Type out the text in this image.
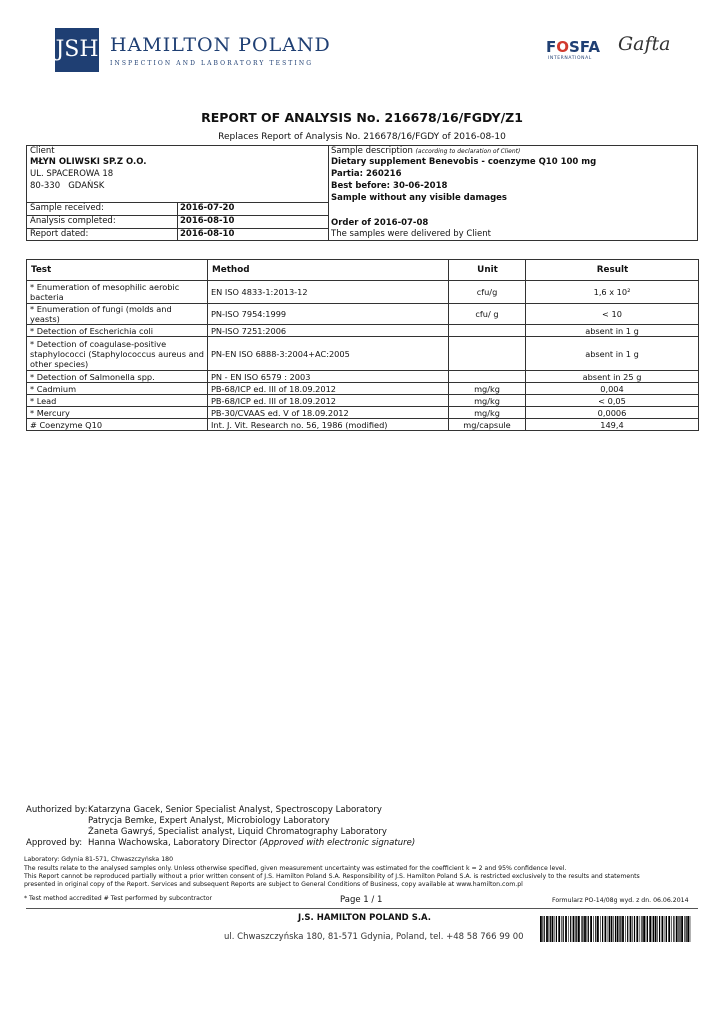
JSH HAMILTON POLAND
INSPECTION AND LABORATORY TESTING
FOSFA
INTERNATIONAL
Gafta
REPORT OF ANALYSIS No. 216678/16/FGDY/Z1
Replaces Report of Analysis No. 216678/16/FGDY of 2016-08-10
Client
MŁYN OLIWSKI SP.Z O.O.
UL. SPACEROWA 18
80-330   GDAŃSK
Sample received:	2016-07-20
Analysis completed:	2016-08-10
Report dated:	2016-08-10
Sample description (according to declaration of Client)
Dietary supplement Benevobis - coenzyme Q10 100 mg
Partia: 260216
Best before: 30-06-2018
Sample without any visible damages
Order of 2016-07-08
The samples were delivered by Client
Test	Method	Unit	Result
* Enumeration of mesophilic aerobic bacteria	EN ISO 4833-1:2013-12	cfu/g	1,6 x 10²
* Enumeration of fungi (molds and yeasts)	PN-ISO 7954:1999	cfu/ g	< 10
* Detection of Escherichia coli	PN-ISO 7251:2006		absent in 1 g
* Detection of coagulase-positive staphylococci (Staphylococcus aureus and other species)	PN-EN ISO 6888-3:2004+AC:2005		absent in 1 g
* Detection of Salmonella spp.	PN - EN ISO 6579 : 2003		absent in 25 g
* Cadmium	PB-68/ICP ed. III of 18.09.2012	mg/kg	0,004
* Lead	PB-68/ICP ed. III of 18.09.2012	mg/kg	< 0,05
* Mercury	PB-30/CVAAS ed. V of 18.09.2012	mg/kg	0,0006
# Coenzyme Q10	Int. J. Vit. Research no. 56, 1986 (modified)	mg/capsule	149,4
Authorized by: Katarzyna Gacek, Senior Specialist Analyst, Spectroscopy Laboratory
Patrycja Bemke, Expert Analyst, Microbiology Laboratory
Żaneta Gawryś, Specialist analyst, Liquid Chromatography Laboratory
Approved by: Hanna Wachowska, Laboratory Director (Approved with electronic signature)
Laboratory: Gdynia 81-571, Chwaszczyńska 180
The results relate to the analysed samples only. Unless otherwise specified, given measurement uncertainty was estimated for the coefficient k = 2 and 95% confidence level.
This Report cannot be reproduced partially without a prior written consent of J.S. Hamilton Poland S.A. Responsibility of J.S. Hamilton Poland S.A. is restricted exclusively to the results and statements
presented in original copy of the Report. Services and subsequent Reports are subject to General Conditions of Business, copy available at www.hamilton.com.pl
* Test method accredited # Test performed by subcontractor	Page 1 / 1	Formularz PO-14/08g wyd. z dn. 06.06.2014
J.S. HAMILTON POLAND S.A.
ul. Chwaszczyńska 180, 81-571 Gdynia, Poland, tel. +48 58 766 99 00
